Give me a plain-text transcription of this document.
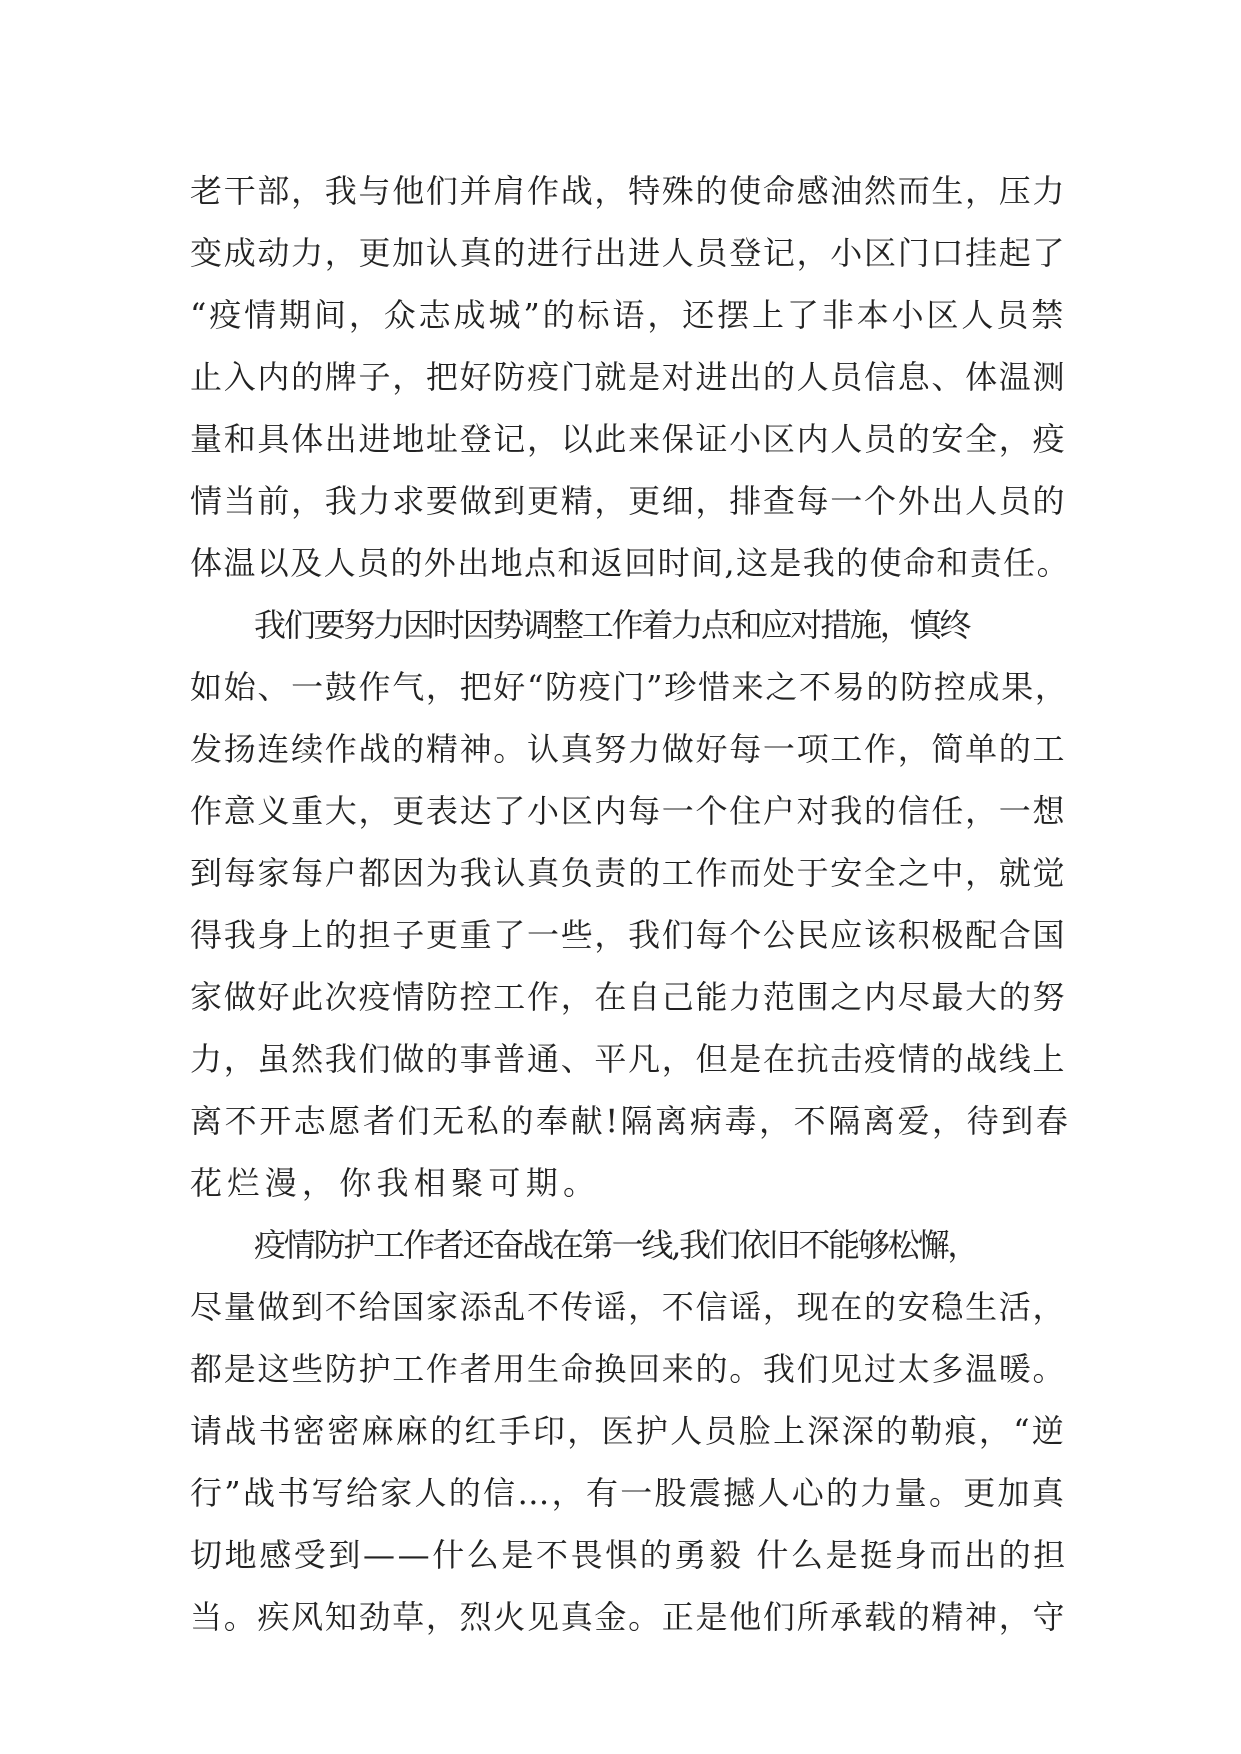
老干部，我与他们并肩作战，特殊的使命感油然而生，压力
变成动力，更加认真的进行出进人员登记，小区门口挂起了
“疫情期间，众志成城”的标语，还摆上了非本小区人员禁
止入内的牌子，把好防疫门就是对进出的人员信息、体温测
量和具体出进地址登记，以此来保证小区内人员的安全，疫
情当前，我力求要做到更精，更细，排查每一个外出人员的
体温以及人员的外出地点和返回时间,这是我的使命和责任。
我们要努力因时因势调整工作着力点和应对措施，慎终
如始、一鼓作气，把好“防疫门”珍惜来之不易的防控成果，
发扬连续作战的精神。认真努力做好每一项工作，简单的工
作意义重大，更表达了小区内每一个住户对我的信任，一想
到每家每户都因为我认真负责的工作而处于安全之中，就觉
得我身上的担子更重了一些，我们每个公民应该积极配合国
家做好此次疫情防控工作，在自己能力范围之内尽最大的努
力，虽然我们做的事普通、平凡，但是在抗击疫情的战线上
离不开志愿者们无私的奉献!隔离病毒，不隔离爱，待到春
花烂漫，你我相聚可期。
疫情防护工作者还奋战在第一线,我们依旧不能够松懈，
尽量做到不给国家添乱不传谣，不信谣，现在的安稳生活，
都是这些防护工作者用生命换回来的。我们见过太多温暖。
请战书密密麻麻的红手印，医护人员脸上深深的勒痕，“逆
行”战书写给家人的信…，有一股震撼人心的力量。更加真
切地感受到——什么是不畏惧的勇毅 什么是挺身而出的担
当。疾风知劲草，烈火见真金。正是他们所承载的精神，守
